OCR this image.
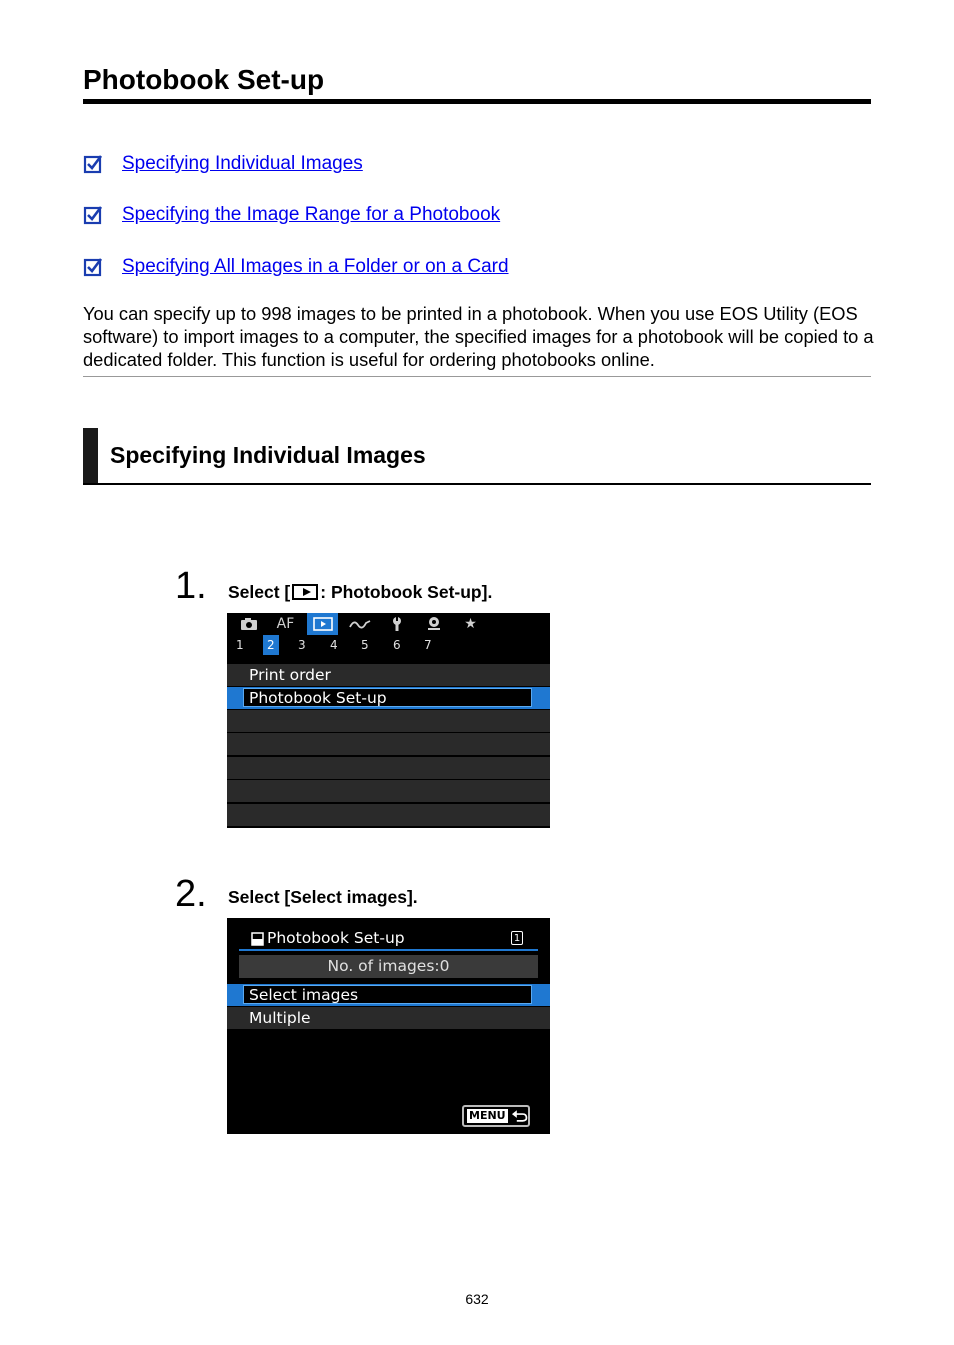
Photobook Set-up
Specifying Individual Images
Specifying the Image Range for a Photobook
Specifying All Images in a Folder or on a Card

You can specify up to 998 images to be printed in a photobook. When you use EOS Utility (EOS software) to import images to a computer, the specified images for a photobook will be copied to a dedicated folder. This function is useful for ordering photobooks online.

Specifying Individual Images
1. Select [ : Photobook Set-up].
AF	★
1	2	3 4 5 6 7
Print order
Photobook Set-up
2. Select [Select images].
Photobook Set-up	1
No. of images:0
Select images
Multiple
MENU
632
